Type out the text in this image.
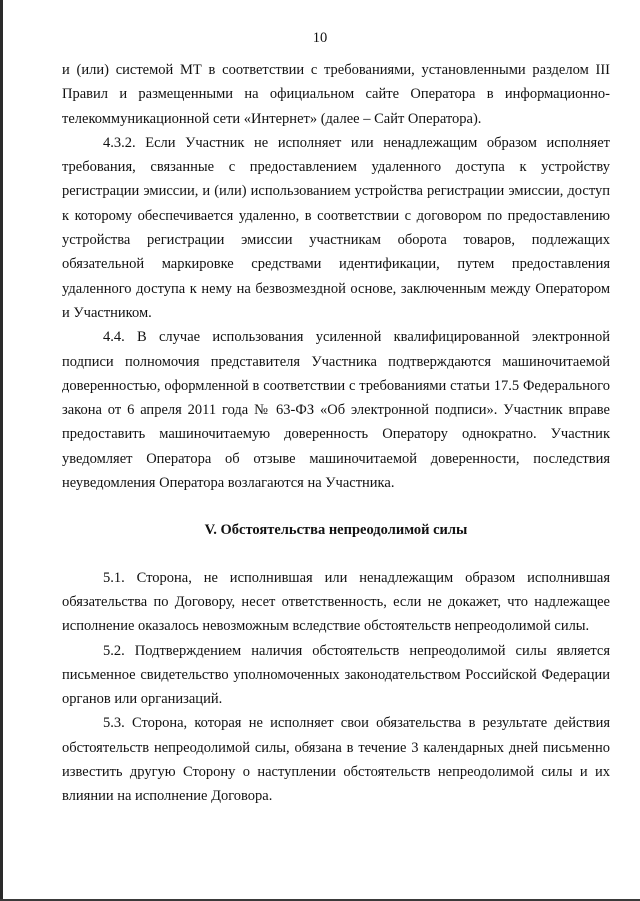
10

и (или) системой МТ в соответствии с требованиями, установленными разделом III Правил и размещенными на официальном сайте Оператора в информационно-телекоммуникационной сети «Интернет» (далее – Сайт Оператора).

4.3.2. Если Участник не исполняет или ненадлежащим образом исполняет требования, связанные с предоставлением удаленного доступа к устройству регистрации эмиссии, и (или) использованием устройства регистрации эмиссии, доступ к которому обеспечивается удаленно, в соответствии с договором по предоставлению устройства регистрации эмиссии участникам оборота товаров, подлежащих обязательной маркировке средствами идентификации, путем предоставления удаленного доступа к нему на безвозмездной основе, заключенным между Оператором и Участником.

4.4. В случае использования усиленной квалифицированной электронной подписи полномочия представителя Участника подтверждаются машиночитаемой доверенностью, оформленной в соответствии с требованиями статьи 17.5 Федерального закона от 6 апреля 2011 года № 63-ФЗ «Об электронной подписи». Участник вправе предоставить машиночитаемую доверенность Оператору однократно. Участник уведомляет Оператора об отзыве машиночитаемой доверенности, последствия неуведомления Оператора возлагаются на Участника.

V. Обстоятельства непреодолимой силы

5.1. Сторона, не исполнившая или ненадлежащим образом исполнившая обязательства по Договору, несет ответственность, если не докажет, что надлежащее исполнение оказалось невозможным вследствие обстоятельств непреодолимой силы.

5.2. Подтверждением наличия обстоятельств непреодолимой силы является письменное свидетельство уполномоченных законодательством Российской Федерации органов или организаций.

5.3. Сторона, которая не исполняет свои обязательства в результате действия обстоятельств непреодолимой силы, обязана в течение 3 календарных дней письменно известить другую Сторону о наступлении обстоятельств непреодолимой силы и их влиянии на исполнение Договора.
